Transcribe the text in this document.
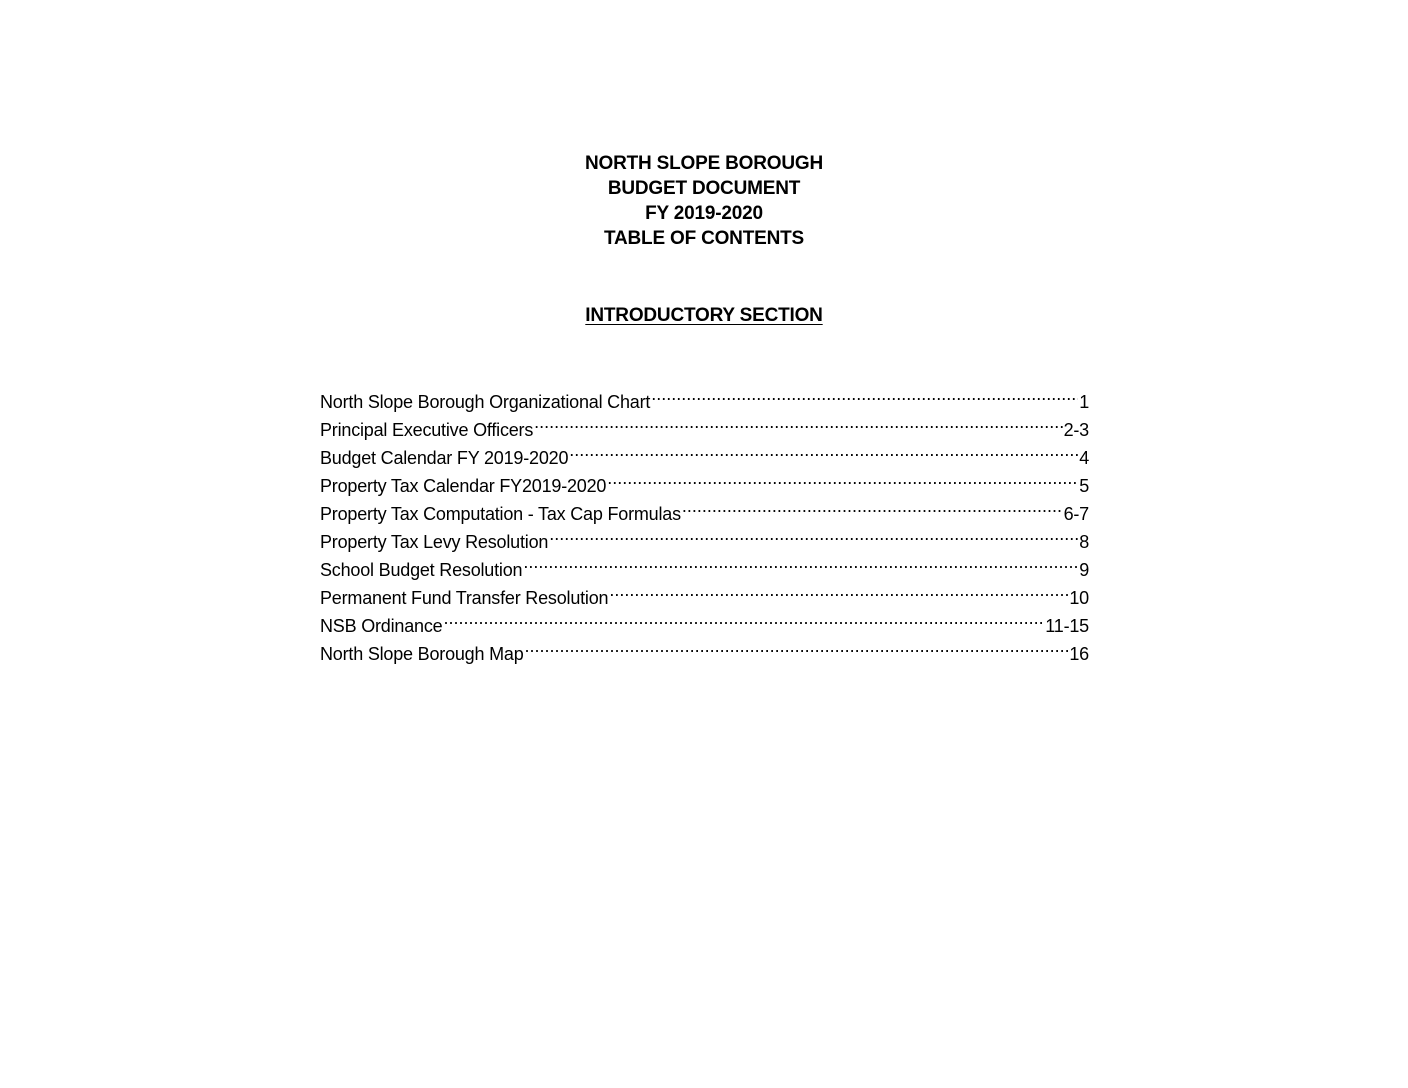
NORTH SLOPE BOROUGH
BUDGET DOCUMENT
FY 2019-2020
TABLE OF CONTENTS
INTRODUCTORY SECTION
North Slope Borough Organizational Chart .....	1
Principal Executive Officers .....	2-3
Budget Calendar FY 2019-2020 .....	4
Property Tax Calendar FY2019-2020 .....	5
Property Tax Computation - Tax Cap Formulas .....	6-7
Property Tax Levy Resolution .....	8
School Budget Resolution .....	9
Permanent Fund Transfer Resolution .....	10
NSB Ordinance .....	11-15
North Slope Borough Map .....	16
